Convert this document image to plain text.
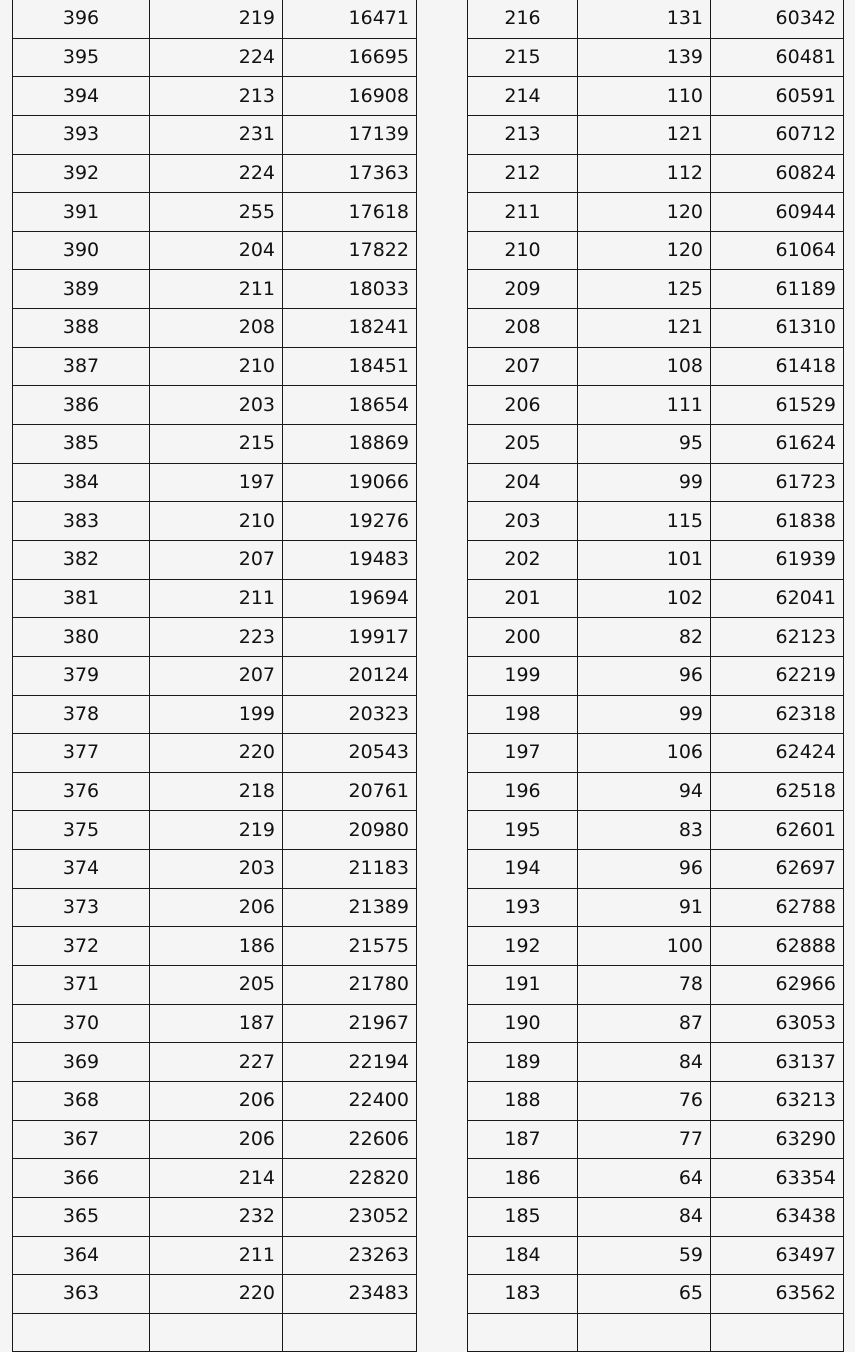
396	219	16471
395	224	16695
394	213	16908
393	231	17139
392	224	17363
391	255	17618
390	204	17822
389	211	18033
388	208	18241
387	210	18451
386	203	18654
385	215	18869
384	197	19066
383	210	19276
382	207	19483
381	211	19694
380	223	19917
379	207	20124
378	199	20323
377	220	20543
376	218	20761
375	219	20980
374	203	21183
373	206	21389
372	186	21575
371	205	21780
370	187	21967
369	227	22194
368	206	22400
367	206	22606
366	214	22820
365	232	23052
364	211	23263
363	220	23483

216	131	60342
215	139	60481
214	110	60591
213	121	60712
212	112	60824
211	120	60944
210	120	61064
209	125	61189
208	121	61310
207	108	61418
206	111	61529
205	95	61624
204	99	61723
203	115	61838
202	101	61939
201	102	62041
200	82	62123
199	96	62219
198	99	62318
197	106	62424
196	94	62518
195	83	62601
194	96	62697
193	91	62788
192	100	62888
191	78	62966
190	87	63053
189	84	63137
188	76	63213
187	77	63290
186	64	63354
185	84	63438
184	59	63497
183	65	63562
